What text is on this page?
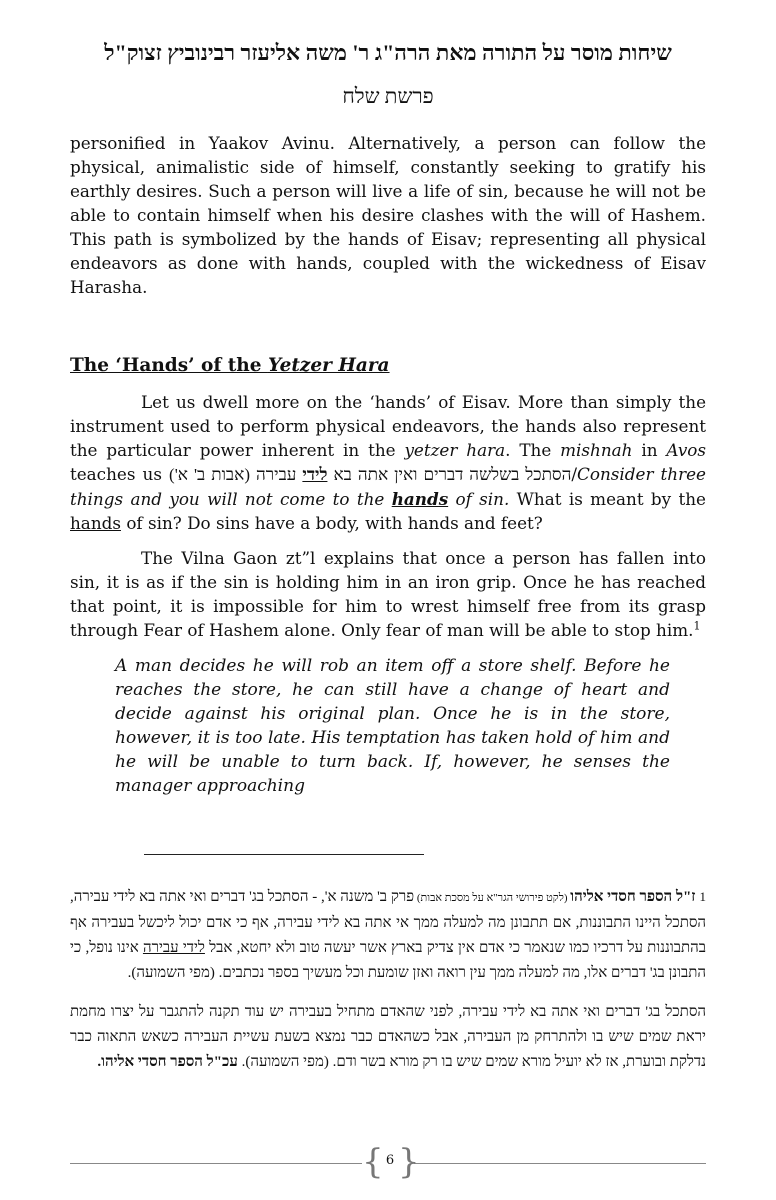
שיחות מוסר על התורה מאת הרה"ג ר' משה אליעזר רבינוביץ זצוק"ל
פרשת שלח

personified in Yaakov Avinu. Alternatively, a person can follow the physical, animalistic side of himself, constantly seeking to gratify his earthly desires. Such a person will live a life of sin, because he will not be able to contain himself when his desire clashes with the will of Hashem. This path is symbolized by the hands of Eisav; representing all physical endeavors as done with hands, coupled with the wickedness of Eisav Harasha.

The ‘Hands’ of the Yetzer Hara

Let us dwell more on the ‘hands’ of Eisav. More than simply the instrument used to perform physical endeavors, the hands also represent the particular power inherent in the yetzer hara. The mishnah in Avos teaches us	הסתכל בשלשה דברים ואין אתה בא לידי עבירה (אבות ב' א')	/Consider three things and you will not come to the hands of sin. What is meant by the hands of sin? Do sins have a body, with hands and feet?

The Vilna Gaon zt”l explains that once a person has fallen into sin, it is as if the sin is holding him in an iron grip. Once he has reached that point, it is impossible for him to wrest himself free from its grasp through Fear of Hashem alone. Only fear of man will be able to stop him.$^1$

A man decides he will rob an item off a store shelf. Before he reaches the store, he can still have a change of heart and decide against his original plan. Once he is in the store, however, it is too late. His temptation has taken hold of him and he will be unable to turn back. If, however, he senses the manager approaching

1ז"ל הספר חסדי אליהו (לקט פירושי הגר"א על מסכת אבות) פרק ב' משנה א', - הסתכל בג' דברים ואי אתה בא לידי עבירה, הסתכל היינו התבוננות, אם תתבונן מה למעלה ממך אי אתה בא לידי עבירה, אף כי אדם יכול ליכשל בעבירה אף בהתבוננות על דרכיו כמו שנאמר כי אדם אין צדיק בארץ אשר יעשה טוב ולא יחטא, אבל לידי עבירה אינו נופל, כי התבונן בג' דברים אלו, מה למעלה ממך עין רואה ואזן שומעת וכל מעשיך בספר נכתבים. (מפי השמועה).
הסתכל בג' דברים ואי אתה בא לידי עבירה, לפני שהאדם מתחיל בעבירה יש עוד תקנה להתגבר על יצרו מחמת יראת שמים שיש בו ולהתרחק מן העבירה, אבל כשהאדם כבר נמצא בשעת עשיית העבירה כשאש התאוה כבר נדלקת ובוערת, אז לא יועיל מורא שמים שיש בו רק מורא בשר ודם. (מפי השמועה). עכ"ל הספר חסדי אליהו.
{ }
6
